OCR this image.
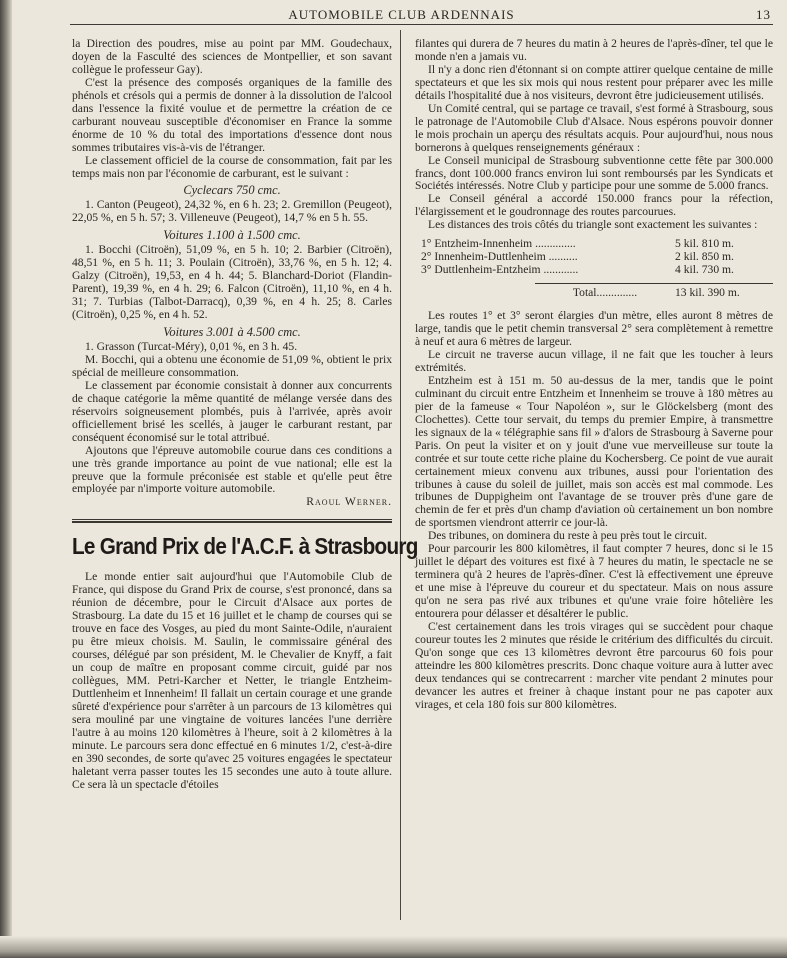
AUTOMOBILE CLUB ARDENNAIS	13

la Direction des poudres, mise au point par MM. Goudechaux, doyen de la Fasculté des sciences de Montpellier, et son savant collègue le professeur Gay).

C'est la présence des composés organiques de la famille des phénols et crésols qui a permis de donner à la dissolution de l'alcool dans l'essence la fixité voulue et de permettre la création de ce carburant nouveau susceptible d'économiser en France la somme énorme de 10 % du total des importations d'essence dont nous sommes tributaires vis-à-vis de l'étranger.

Le classement officiel de la course de consommation, fait par les temps mais non par l'économie de carburant, est le suivant :

Cyclecars 750 cmc.

1. Canton (Peugeot), 24,32 %, en 6 h. 23; 2. Gremillon (Peugeot), 22,05 %, en 5 h. 57; 3. Villeneuve (Peugeot), 14,7 % en 5 h. 55.

Voitures 1.100 à 1.500 cmc.

1. Bocchi (Citroën), 51,09 %, en 5 h. 10; 2. Barbier (Citroën), 48,51 %, en 5 h. 11; 3. Poulain (Citroën), 33,76 %, en 5 h. 12; 4. Galzy (Citroën), 19,53, en 4 h. 44; 5. Blanchard-Doriot (Flandin-Parent), 19,39 %, en 4 h. 29; 6. Falcon (Citroën), 11,10 %, en 4 h. 31; 7. Turbias (Talbot-Darracq), 0,39 %, en 4 h. 25; 8. Carles (Citroën), 0,25 %, en 4 h. 52.

Voitures 3.001 à 4.500 cmc.

1. Grasson (Turcat-Méry), 0,01 %, en 3 h. 45.

M. Bocchi, qui a obtenu une économie de 51,09 %, obtient le prix spécial de meilleure consommation.

Le classement par économie consistait à donner aux concurrents de chaque catégorie la même quantité de mélange versée dans des réservoirs soigneusement plombés, puis à l'arrivée, après avoir officiellement brisé les scellés, à jauger le carburant restant, par conséquent économisé sur le total attribué.

Ajoutons que l'épreuve automobile courue dans ces conditions a une très grande importance au point de vue national; elle est la preuve que la formule préconisée est stable et qu'elle peut être employée par n'importe voiture automobile.

Raoul Werner.

Le Grand Prix de l'A.C.F. à Strasbourg

Le monde entier sait aujourd'hui que l'Automobile Club de France, qui dispose du Grand Prix de course, s'est prononcé, dans sa réunion de décembre, pour le Circuit d'Alsace aux portes de Strasbourg. La date du 15 et 16 juillet et le champ de courses qui se trouve en face des Vosges, au pied du mont Sainte-Odile, n'auraient pu être mieux choisis. M. Saulin, le commissaire général des courses, délégué par son président, M. le Chevalier de Knyff, a fait un coup de maître en proposant comme circuit, guidé par nos collègues, MM. Petri-Karcher et Netter, le triangle Entzheim-Duttlenheim et Innenheim! Il fallait un certain courage et une grande sûreté d'expérience pour s'arrêter à un parcours de 13 kilomètres qui sera mouliné par une vingtaine de voitures lancées l'une derrière l'autre à au moins 120 kilomètres à l'heure, soit à 2 kilomètres à la minute. Le parcours sera donc effectué en 6 minutes 1/2, c'est-à-dire en 390 secondes, de sorte qu'avec 25 voitures engagées le spectateur haletant verra passer toutes les 15 secondes une auto à toute allure. Ce sera là un spectacle d'étoiles

filantes qui durera de 7 heures du matin à 2 heures de l'après-dîner, tel que le monde n'en a jamais vu.

Il n'y a donc rien d'étonnant si on compte attirer quelque centaine de mille spectateurs et que les six mois qui nous restent pour préparer avec les mille détails l'hospitalité due à nos visiteurs, devront être judicieusement utilisés.

Un Comité central, qui se partage ce travail, s'est formé à Strasbourg, sous le patronage de l'Automobile Club d'Alsace. Nous espérons pouvoir donner le mois prochain un aperçu des résultats acquis. Pour aujourd'hui, nous nous bornerons à quelques renseignements généraux :

Le Conseil municipal de Strasbourg subventionne cette fête par 300.000 francs, dont 100.000 francs environ lui sont remboursés par les Syndicats et Sociétés intéressés. Notre Club y participe pour une somme de 5.000 francs.

Le Conseil général a accordé 150.000 francs pour la réfection, l'élargissement et le goudronnage des routes parcourues.

Les distances des trois côtés du triangle sont exactement les suivantes :

1° Entzheim-Innenheim ..............	5 kil. 810 m.
2° Innenheim-Duttlenheim ..........	2 kil. 850 m.
3° Duttlenheim-Entzheim ............	4 kil. 730 m.
Total..............	13 kil. 390 m.

Les routes 1° et 3° seront élargies d'un mètre, elles auront 8 mètres de large, tandis que le petit chemin transversal 2° sera complètement à remettre à neuf et aura 6 mètres de largeur.

Le circuit ne traverse aucun village, il ne fait que les toucher à leurs extrémités.

Entzheim est à 151 m. 50 au-dessus de la mer, tandis que le point culminant du circuit entre Entzheim et Innenheim se trouve à 180 mètres au pier de la fameuse « Tour Napoléon », sur le Glöckelsberg (mont des Clochettes). Cette tour servait, du temps du premier Empire, à transmettre les signaux de la « télégraphie sans fil » d'alors de Strasbourg à Saverne pour Paris. On peut la visiter et on y jouit d'une vue merveilleuse sur toute la contrée et sur toute cette riche plaine du Kochersberg. Ce point de vue aurait certainement mieux convenu aux tribunes, aussi pour l'orientation des tribunes à cause du soleil de juillet, mais son accès est mal commode. Les tribunes de Duppigheim ont l'avantage de se trouver près d'une gare de chemin de fer et près d'un champ d'aviation où certainement un bon nombre de sportsmen viendront atterrir ce jour-là.

Des tribunes, on dominera du reste à peu près tout le circuit.

Pour parcourir les 800 kilomètres, il faut compter 7 heures, donc si le 15 juillet le départ des voitures est fixé à 7 heures du matin, le spectacle ne se terminera qu'à 2 heures de l'après-dîner. C'est là effectivement une épreuve et une mise à l'épreuve du coureur et du spectateur. Mais on nous assure qu'on ne sera pas rivé aux tribunes et qu'une vraie foire hôtelière les entourera pour délasser et désaltérer le public.

C'est certainement dans les trois virages qui se succèdent pour chaque coureur toutes les 2 minutes que réside le critérium des difficultés du circuit. Qu'on songe que ces 13 kilomètres devront être parcourus 60 fois pour atteindre les 800 kilomètres prescrits. Donc chaque voiture aura à lutter avec deux tendances qui se contrecarrent : marcher vite pendant 2 minutes pour devancer les autres et freiner à chaque instant pour ne pas capoter aux virages, et cela 180 fois sur 800 kilomètres.
